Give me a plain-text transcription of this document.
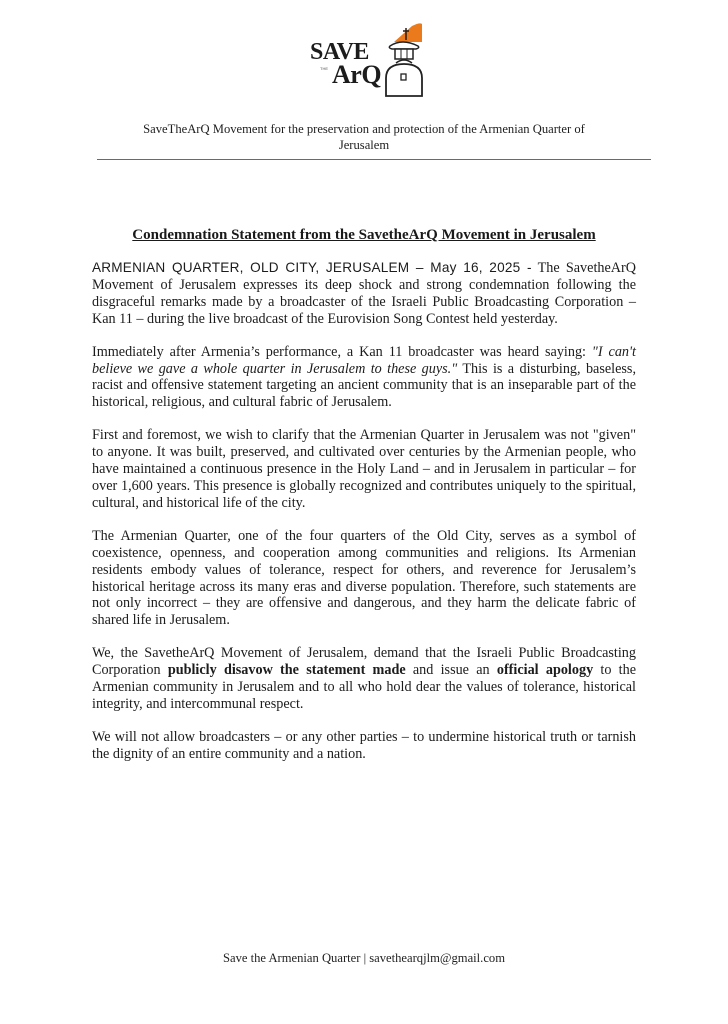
SAVE
THE ArQ
SaveTheArQ Movement for the preservation and protection of the Armenian Quarter of
Jerusalem
Condemnation Statement from the SavetheArQ Movement in Jerusalem

ARMENIAN QUARTER, OLD CITY, JERUSALEM – May 16, 2025 - The SavetheArQ Movement of Jerusalem expresses its deep shock and strong condemnation following the disgraceful remarks made by a broadcaster of the Israeli Public Broadcasting Corporation – Kan 11 – during the live broadcast of the Eurovision Song Contest held yesterday.

Immediately after Armenia’s performance, a Kan 11 broadcaster was heard saying: "I can't believe we gave a whole quarter in Jerusalem to these guys." This is a disturbing, baseless, racist and offensive statement targeting an ancient community that is an inseparable part of the historical, religious, and cultural fabric of Jerusalem.

First and foremost, we wish to clarify that the Armenian Quarter in Jerusalem was not "given" to anyone. It was built, preserved, and cultivated over centuries by the Armenian people, who have maintained a continuous presence in the Holy Land – and in Jerusalem in particular – for over 1,600 years. This presence is globally recognized and contributes uniquely to the spiritual, cultural, and historical life of the city.

The Armenian Quarter, one of the four quarters of the Old City, serves as a symbol of coexistence, openness, and cooperation among communities and religions. Its Armenian residents embody values of tolerance, respect for others, and reverence for Jerusalem’s historical heritage across its many eras and diverse population. Therefore, such statements are not only incorrect – they are offensive and dangerous, and they harm the delicate fabric of shared life in Jerusalem.

We, the SavetheArQ Movement of Jerusalem, demand that the Israeli Public Broadcasting Corporation publicly disavow the statement made and issue an official apology to the Armenian community in Jerusalem and to all who hold dear the values of tolerance, historical integrity, and intercommunal respect.

We will not allow broadcasters – or any other parties – to undermine historical truth or tarnish the dignity of an entire community and a nation.

Save the Armenian Quarter | savethearqjlm@gmail.com
